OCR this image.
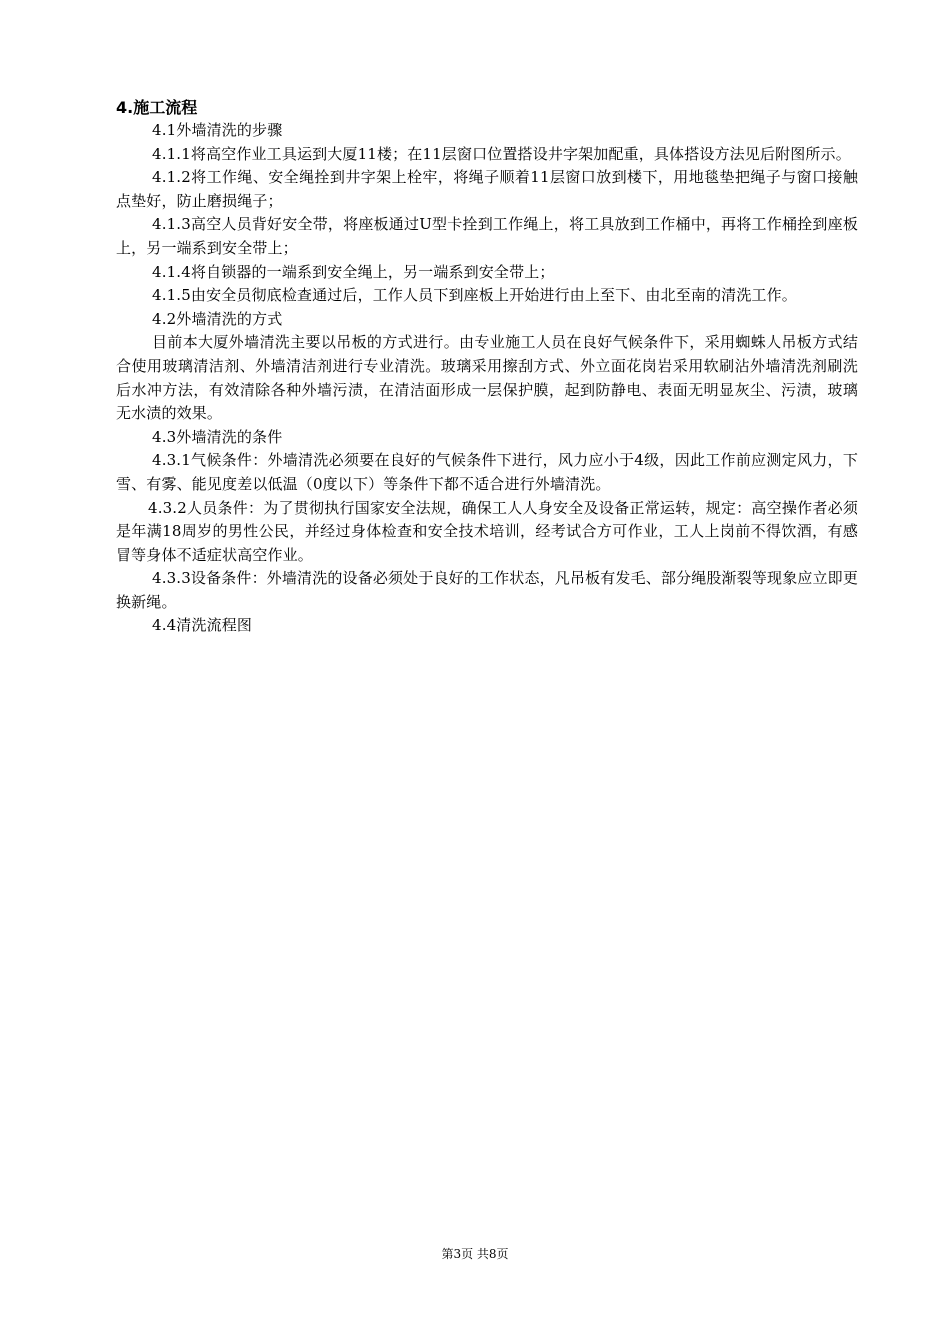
4.施工流程

4.1外墙清洗的步骤

4.1.1将高空作业工具运到大厦11楼；在11层窗口位置搭设井字架加配重，具体搭设方法见后附图所示。

4.1.2将工作绳、安全绳拴到井字架上栓牢，将绳子顺着11层窗口放到楼下，用地毯垫把绳子与窗口接触点垫好，防止磨损绳子；

4.1.3高空人员背好安全带，将座板通过U型卡拴到工作绳上，将工具放到工作桶中，再将工作桶拴到座板上，另一端系到安全带上；

4.1.4将自锁器的一端系到安全绳上，另一端系到安全带上；

4.1.5由安全员彻底检查通过后，工作人员下到座板上开始进行由上至下、由北至南的清洗工作。

4.2外墙清洗的方式

目前本大厦外墙清洗主要以吊板的方式进行。由专业施工人员在良好气候条件下，采用蜘蛛人吊板方式结合使用玻璃清洁剂、外墙清洁剂进行专业清洗。玻璃采用擦刮方式、外立面花岗岩采用软刷沾外墙清洗剂刷洗后水冲方法，有效清除各种外墙污渍，在清洁面形成一层保护膜，起到防静电、表面无明显灰尘、污渍，玻璃无水渍的效果。

4.3外墙清洗的条件

4.3.1气候条件：外墙清洗必须要在良好的气候条件下进行，风力应小于4级，因此工作前应测定风力，下雪、有雾、能见度差以低温（0度以下）等条件下都不适合进行外墙清洗。

4.3.2人员条件：为了贯彻执行国家安全法规，确保工人人身安全及设备正常运转，规定：高空操作者必须是年满18周岁的男性公民，并经过身体检查和安全技术培训，经考试合方可作业，工人上岗前不得饮酒，有感冒等身体不适症状高空作业。

4.3.3设备条件：外墙清洗的设备必须处于良好的工作状态，凡吊板有发毛、部分绳股渐裂等现象应立即更换新绳。

4.4清洗流程图

第3页 共8页
